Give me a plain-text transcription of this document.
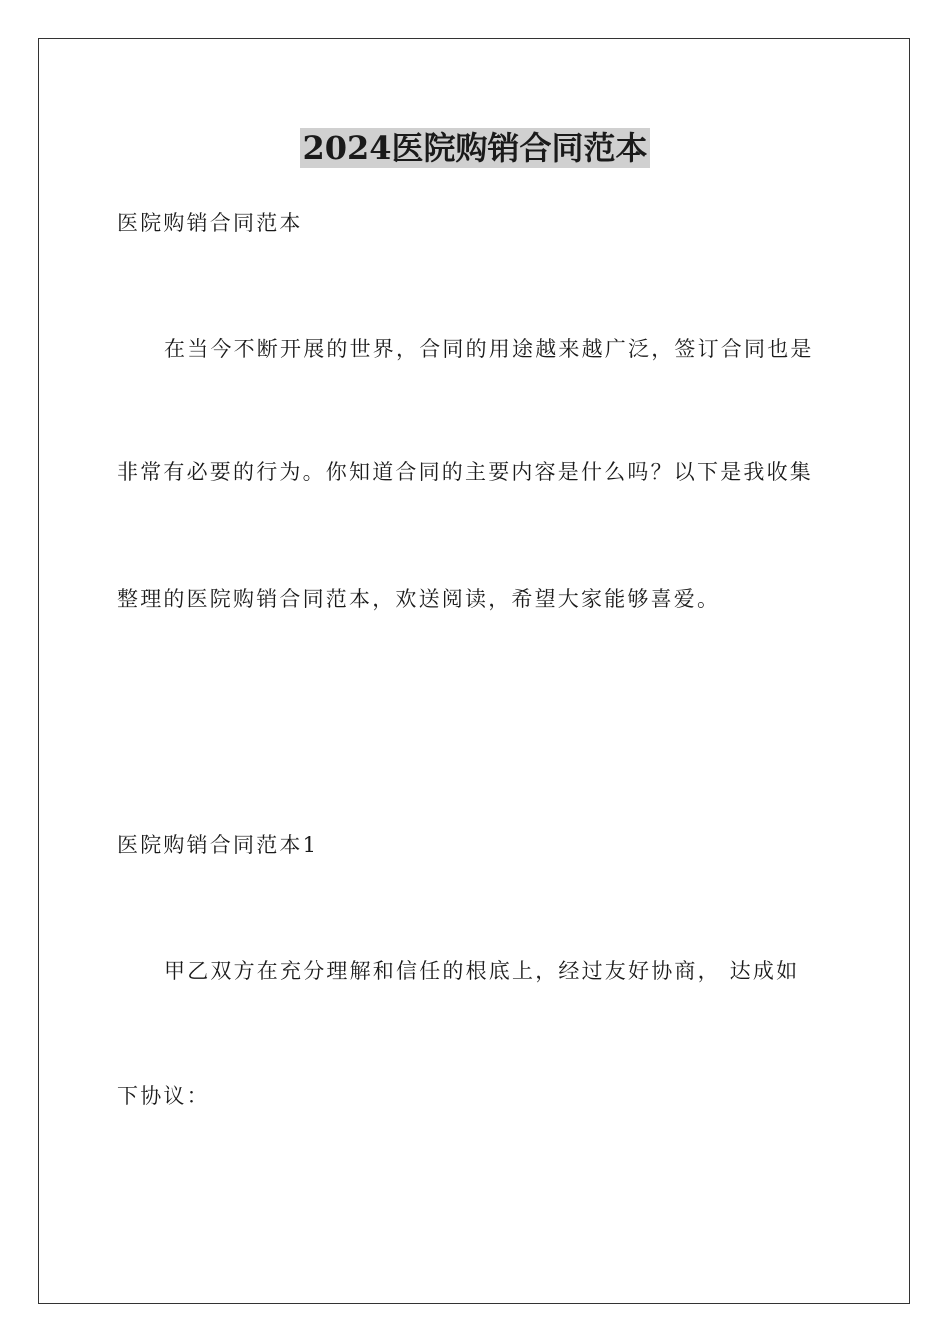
2024医院购销合同范本
医院购销合同范本
在当今不断开展的世界，合同的用途越来越广泛，签订合同也是
非常有必要的行为。你知道合同的主要内容是什么吗？以下是我收集
整理的医院购销合同范本，欢送阅读，希望大家能够喜爱。
医院购销合同范本1
甲乙双方在充分理解和信任的根底上，经过友好协商， 达成如
下协议：
